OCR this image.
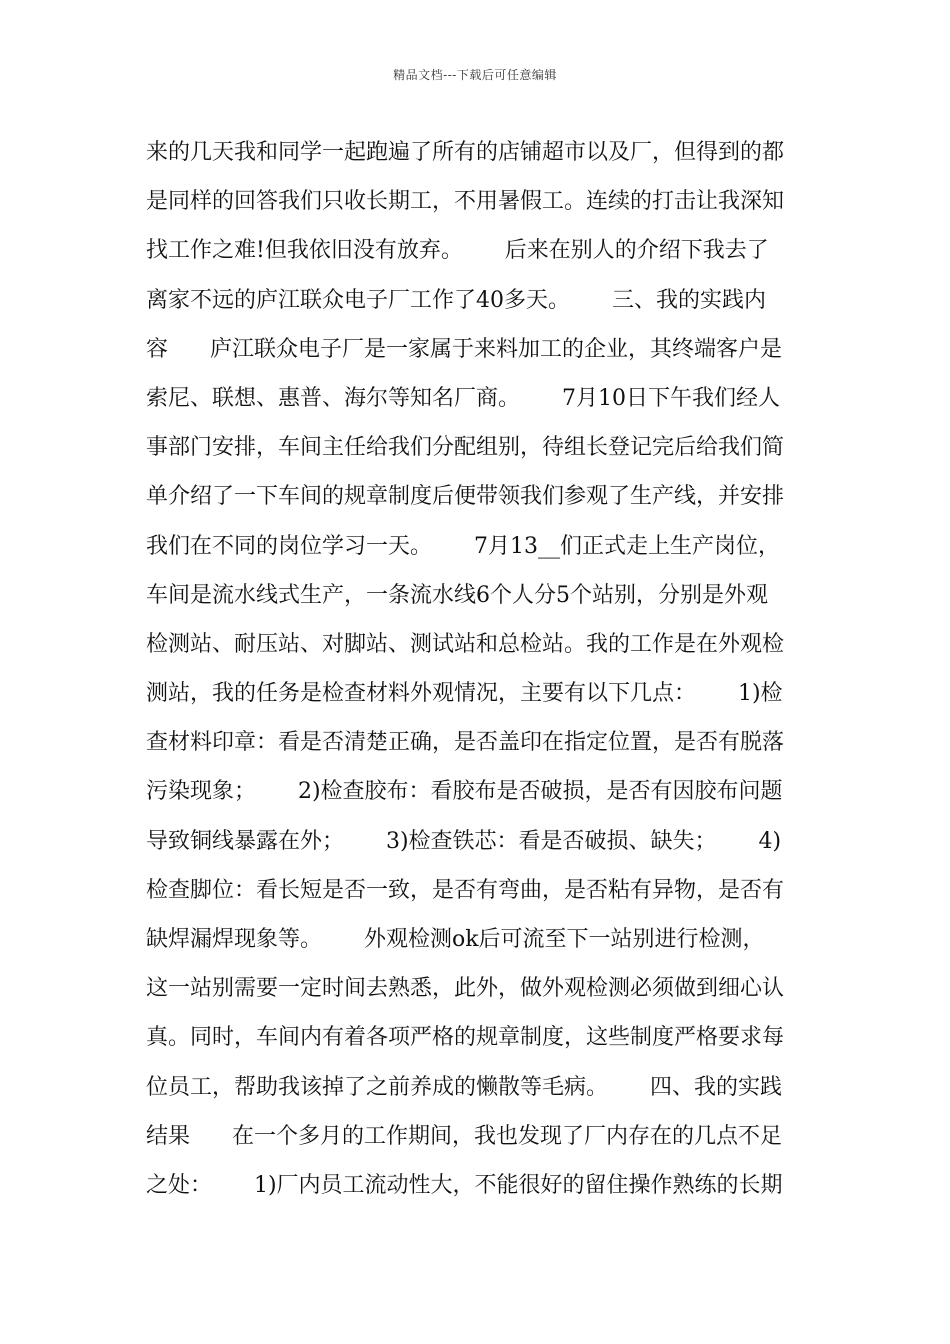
精品文档---下载后可任意编辑
来的几天我和同学一起跑遍了所有的店铺超市以及厂，但得到的都
是同样的回答我们只收长期工，不用暑假工。连续的打击让我深知
找工作之难!但我依旧没有放弃。      后来在别人的介绍下我去了
离家不远的庐江联众电子厂工作了40多天。      三、我的实践内
容      庐江联众电子厂是一家属于来料加工的企业，其终端客户是
索尼、联想、惠普、海尔等知名厂商。      7月10日下午我们经人
事部门安排，车间主任给我们分配组别，待组长登记完后给我们简
单介绍了一下车间的规章制度后便带领我们参观了生产线，并安排
我们在不同的岗位学习一天。      7月13__们正式走上生产岗位，
车间是流水线式生产，一条流水线6个人分5个站别，分别是外观
检测站、耐压站、对脚站、测试站和总检站。我的工作是在外观检
测站，我的任务是检查材料外观情况，主要有以下几点：      1)检
查材料印章：看是否清楚正确，是否盖印在指定位置，是否有脱落
污染现象；      2)检查胶布：看胶布是否破损，是否有因胶布问题
导致铜线暴露在外；      3)检查铁芯：看是否破损、缺失；      4)
检查脚位：看长短是否一致，是否有弯曲，是否粘有异物，是否有
缺焊漏焊现象等。      外观检测ok后可流至下一站别进行检测，
这一站别需要一定时间去熟悉，此外，做外观检测必须做到细心认
真。同时，车间内有着各项严格的规章制度，这些制度严格要求每
位员工，帮助我该掉了之前养成的懒散等毛病。      四、我的实践
结果      在一个多月的工作期间，我也发现了厂内存在的几点不足
之处：      1)厂内员工流动性大，不能很好的留住操作熟练的长期
